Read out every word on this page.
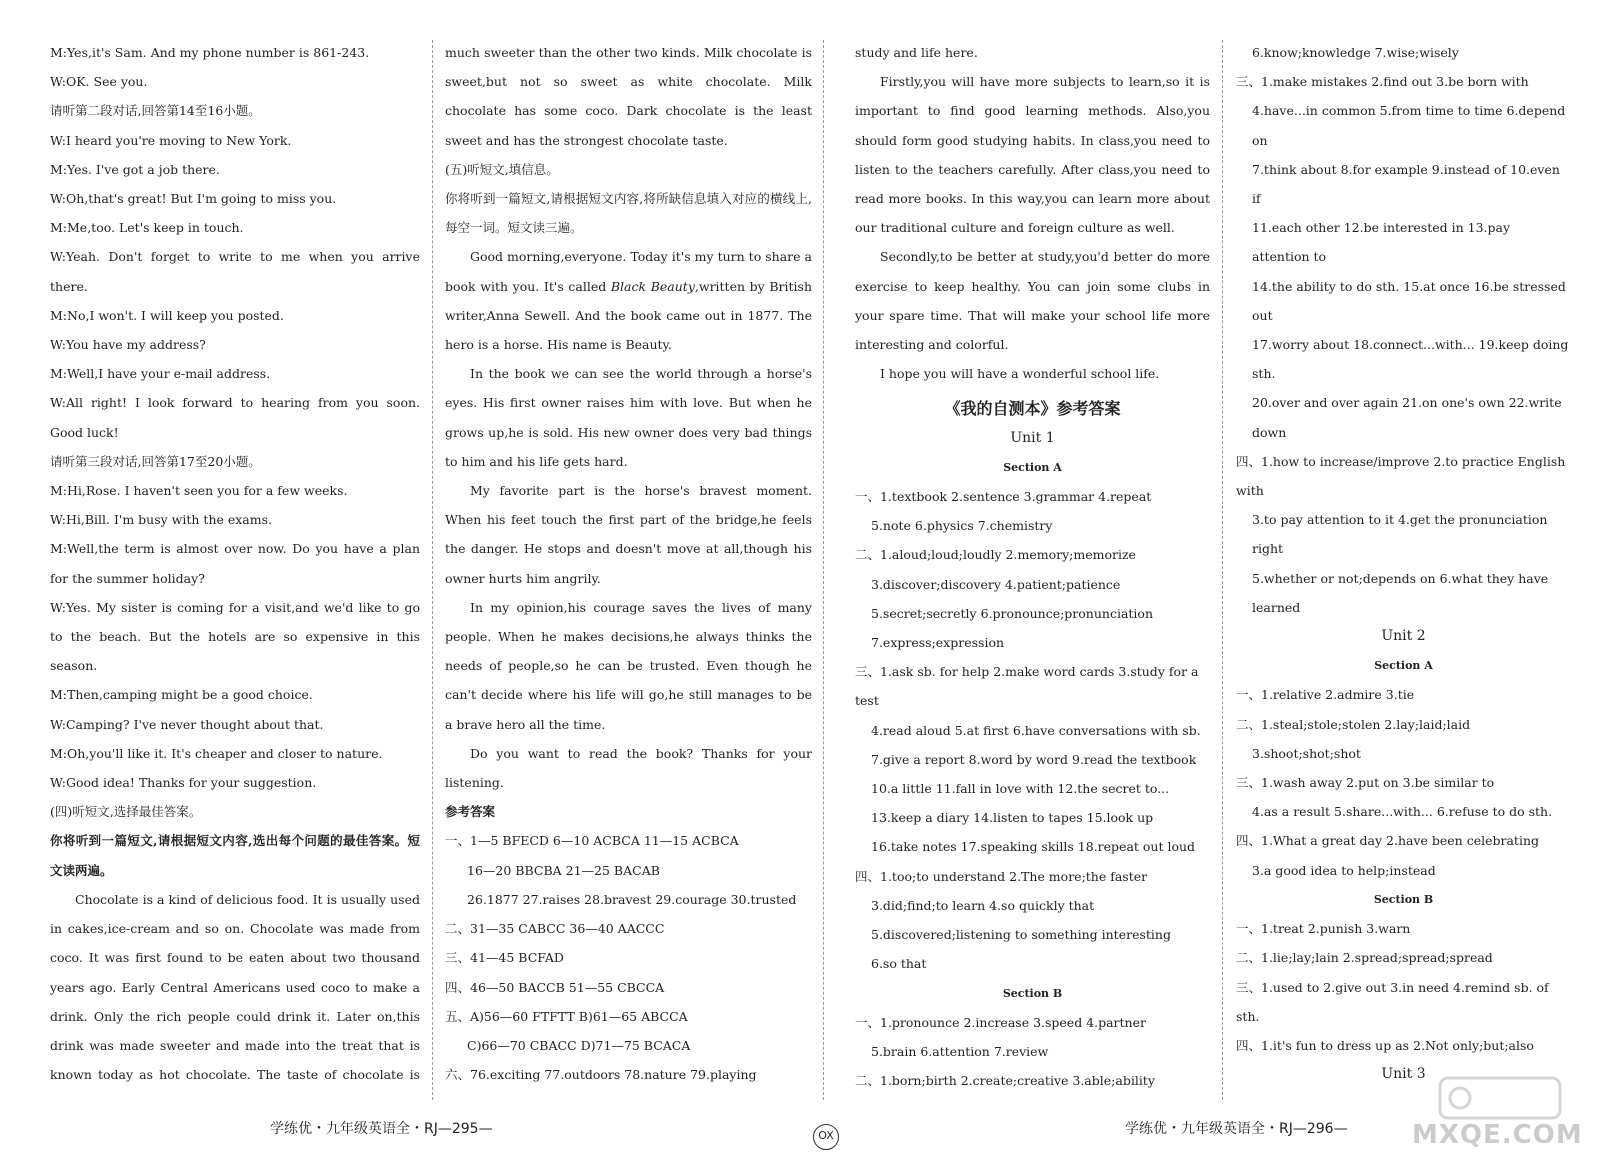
M:Yes,it's Sam. And my phone number is 861-243.
W:OK. See you.
请听第二段对话,回答第14至16小题。
W:I heard you're moving to New York.
M:Yes. I've got a job there.
W:Oh,that's great! But I'm going to miss you.
M:Me,too. Let's keep in touch.
W:Yeah. Don't forget to write to me when you arrive there.
M:No,I won't. I will keep you posted.
W:You have my address?
M:Well,I have your e-mail address.
W:All right! I look forward to hearing from you soon. Good luck!
请听第三段对话,回答第17至20小题。
M:Hi,Rose. I haven't seen you for a few weeks.
W:Hi,Bill. I'm busy with the exams.
M:Well,the term is almost over now. Do you have a plan for the summer holiday?
W:Yes. My sister is coming for a visit,and we'd like to go to the beach. But the hotels are so expensive in this season.
M:Then,camping might be a good choice.
W:Camping? I've never thought about that.
M:Oh,you'll like it. It's cheaper and closer to nature.
W:Good idea! Thanks for your suggestion.
(四)听短文,选择最佳答案。
你将听到一篇短文,请根据短文内容,选出每个问题的最佳答案。短文读两遍。
Chocolate is a kind of delicious food. It is usually used in cakes,ice-cream and so on. Chocolate was made from coco. It was first found to be eaten about two thousand years ago. Early Central Americans used coco to make a drink. Only the rich people could drink it. Later on,this drink was made sweeter and made into the treat that is known today as hot chocolate. The taste of chocolate is
much sweeter than the other two kinds. Milk chocolate is sweet,but not so sweet as white chocolate. Milk chocolate has some coco. Dark chocolate is the least sweet and has the strongest chocolate taste.
(五)听短文,填信息。
你将听到一篇短文,请根据短文内容,将所缺信息填入对应的横线上,每空一词。短文读三遍。
Good morning,everyone. Today it's my turn to share a book with you. It's called Black Beauty,written by British writer,Anna Sewell. And the book came out in 1877. The hero is a horse. His name is Beauty.
In the book we can see the world through a horse's eyes. His first owner raises him with love. But when he grows up,he is sold. His new owner does very bad things to him and his life gets hard.
My favorite part is the horse's bravest moment. When his feet touch the first part of the bridge,he feels the danger. He stops and doesn't move at all,though his owner hurts him angrily.
In my opinion,his courage saves the lives of many people. When he makes decisions,he always thinks the needs of people,so he can be trusted. Even though he can't decide where his life will go,he still manages to be a brave hero all the time.
Do you want to read the book? Thanks for your listening.
参考答案
一、1—5 BFECD 6—10 ACBCA 11—15 ACBCA
16—20 BBCBA 21—25 BACAB
26.1877 27.raises 28.bravest 29.courage 30.trusted
二、31—35 CABCC 36—40 AACCC
三、41—45 BCFAD
四、46—50 BACCB 51—55 CBCCA
五、A)56—60 FTFTT B)61—65 ABCCA
C)66—70 CBACC D)71—75 BCACA
六、76.exciting 77.outdoors 78.nature 79.playing
study and life here.
Firstly,you will have more subjects to learn,so it is important to find good learning methods. Also,you should form good studying habits. In class,you need to listen to the teachers carefully. After class,you need to read more books. In this way,you can learn more about our traditional culture and foreign culture as well.
Secondly,to be better at study,you'd better do more exercise to keep healthy. You can join some clubs in your spare time. That will make your school life more interesting and colorful.
I hope you will have a wonderful school life.
《我的自测本》参考答案
Unit 1
Section A
一、1.textbook 2.sentence 3.grammar 4.repeat
5.note 6.physics 7.chemistry
二、1.aloud;loud;loudly 2.memory;memorize
3.discover;discovery 4.patient;patience
5.secret;secretly 6.pronounce;pronunciation
7.express;expression
三、1.ask sb. for help 2.make word cards 3.study for a test
4.read aloud 5.at first 6.have conversations with sb.
7.give a report 8.word by word 9.read the textbook
10.a little 11.fall in love with 12.the secret to...
13.keep a diary 14.listen to tapes 15.look up
16.take notes 17.speaking skills 18.repeat out loud
四、1.too;to understand 2.The more;the faster
3.did;find;to learn 4.so quickly that
5.discovered;listening to something interesting
6.so that
Section B
一、1.pronounce 2.increase 3.speed 4.partner
5.brain 6.attention 7.review
二、1.born;birth 2.create;creative 3.able;ability
6.know;knowledge 7.wise;wisely
三、1.make mistakes 2.find out 3.be born with
4.have...in common 5.from time to time 6.depend on
7.think about 8.for example 9.instead of 10.even if
11.each other 12.be interested in 13.pay attention to
14.the ability to do sth. 15.at once 16.be stressed out
17.worry about 18.connect...with... 19.keep doing sth.
20.over and over again 21.on one's own 22.write down
四、1.how to increase/improve 2.to practice English with
3.to pay attention to it 4.get the pronunciation right
5.whether or not;depends on 6.what they have learned
Unit 2
Section A
一、1.relative 2.admire 3.tie
二、1.steal;stole;stolen 2.lay;laid;laid
3.shoot;shot;shot
三、1.wash away 2.put on 3.be similar to
4.as a result 5.share...with... 6.refuse to do sth.
四、1.What a great day 2.have been celebrating
3.a good idea to help;instead
Section B
一、1.treat 2.punish 3.warn
二、1.lie;lay;lain 2.spread;spread;spread
三、1.used to 2.give out 3.in need 4.remind sb. of sth.
四、1.it's fun to dress up as 2.Not only;but;also
Unit 3
学练优・九年级英语全・RJ—295—	OX	学练优・九年级英语全・RJ—296— MXQE.COM
